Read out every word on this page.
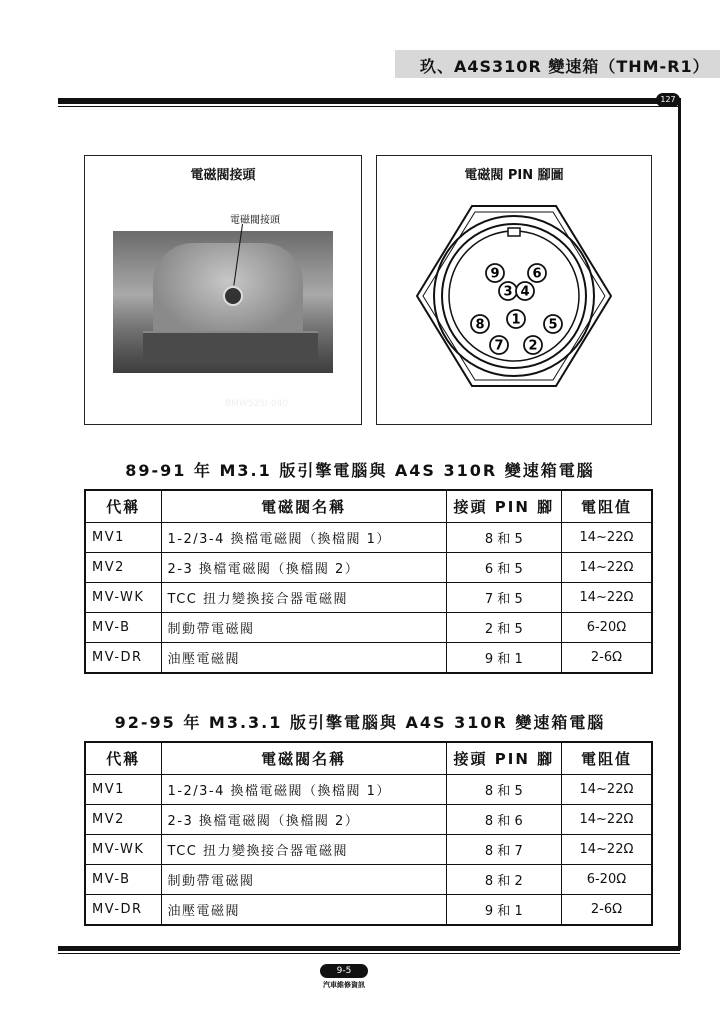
玖、A4S310R 變速箱（THM-R1）
127
電磁閥接頭
BMW525I-040
電磁閥接頭
電磁閥 PIN 腳圖
9	6
3 4
8 1 5
7 2
89-91 年 M3.1 版引擎電腦與 A4S 310R 變速箱電腦
代稱	電磁閥名稱	接頭 PIN 腳	電阻值
MV1	1-2/3-4 換檔電磁閥（換檔閥 1）	8 和 5	14~22Ω
MV2	2-3 換檔電磁閥（換檔閥 2）	6 和 5	14~22Ω
MV-WK	TCC 扭力變換接合器電磁閥	7 和 5	14~22Ω
MV-B	制動帶電磁閥	2 和 5	6-20Ω
MV-DR	油壓電磁閥	9 和 1	2-6Ω
92-95 年 M3.3.1 版引擎電腦與 A4S 310R 變速箱電腦
代稱	電磁閥名稱	接頭 PIN 腳	電阻值
MV1	1-2/3-4 換檔電磁閥（換檔閥 1）	8 和 5	14~22Ω
MV2	2-3 換檔電磁閥（換檔閥 2）	8 和 6	14~22Ω
MV-WK	TCC 扭力變換接合器電磁閥	8 和 7	14~22Ω
MV-B	制動帶電磁閥	8 和 2	6-20Ω
MV-DR	油壓電磁閥	9 和 1	2-6Ω
9-5
汽車維修資訊
